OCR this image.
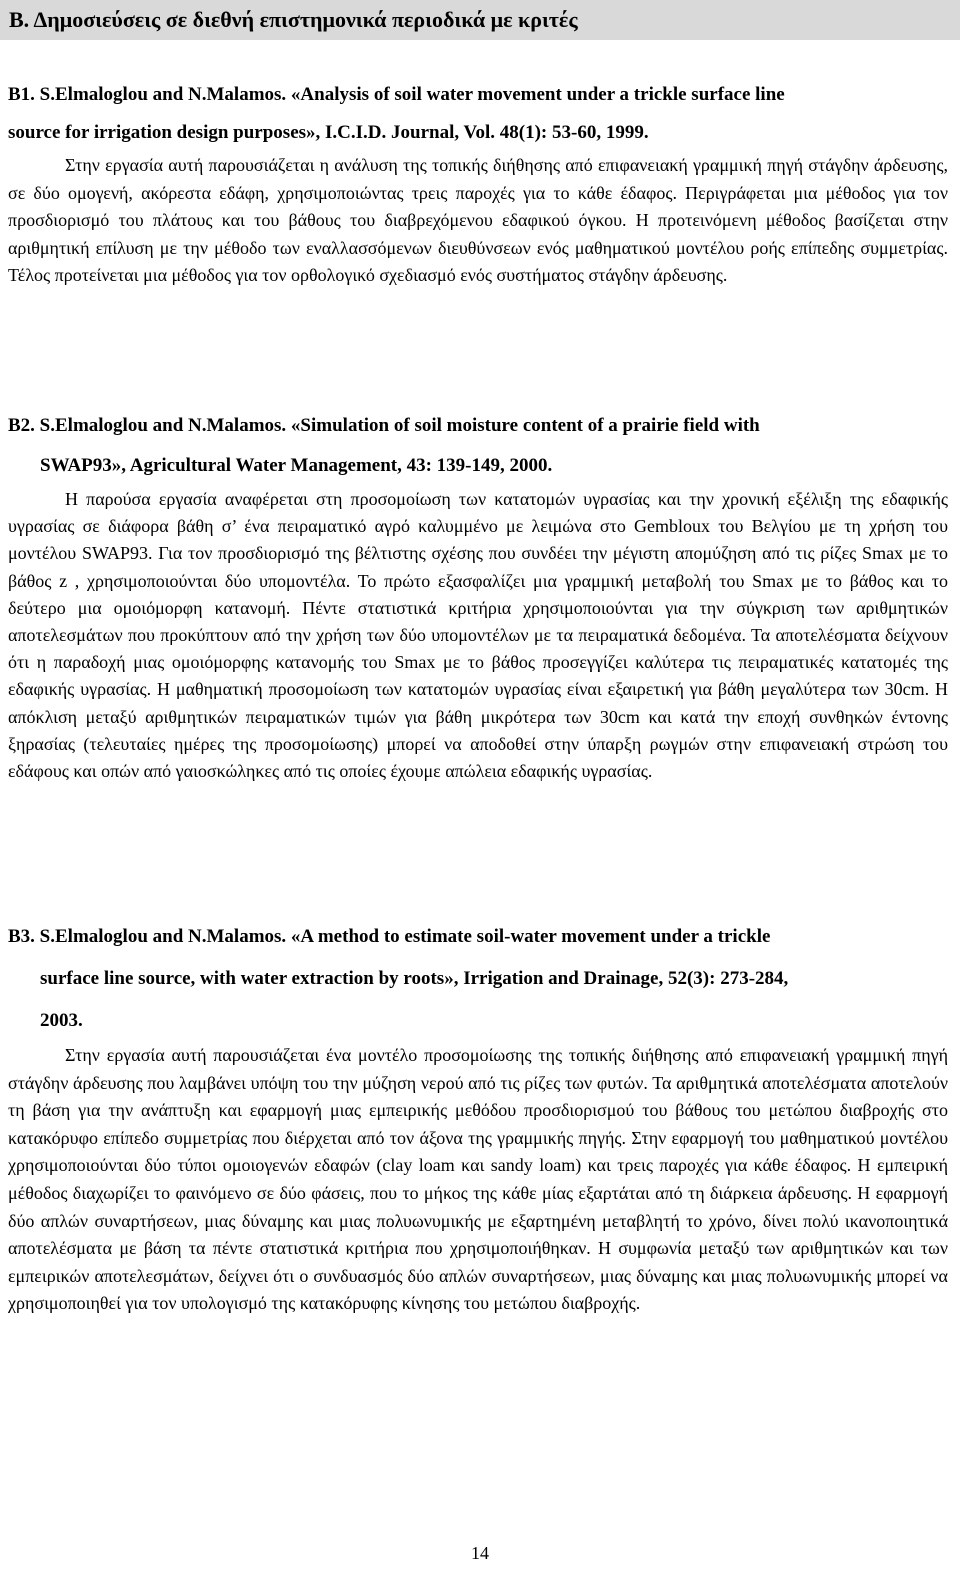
Β. Δημοσιεύσεις σε διεθνή επιστημονικά περιοδικά με κριτές

B1. S.Elmaloglou and N.Malamos. «Analysis of soil water movement under a trickle surface line
source for irrigation design purposes», I.C.I.D. Journal, Vol. 48(1): 53-60, 1999.

Στην εργασία αυτή παρουσιάζεται η ανάλυση της τοπικής διήθησης από επιφανειακή γραμμική πηγή στάγδην άρδευσης, σε δύο ομογενή, ακόρεστα εδάφη, χρησιμοποιώντας τρεις παροχές για το κάθε έδαφος. Περιγράφεται μια μέθοδος για τον προσδιορισμό του πλάτους και του βάθους του διαβρεχόμενου εδαφικού όγκου. Η προτεινόμενη μέθοδος βασίζεται στην αριθμητική επίλυση με την μέθοδο των εναλλασσόμενων διευθύνσεων ενός μαθηματικού μοντέλου ροής επίπεδης συμμετρίας. Τέλος προτείνεται μια μέθοδος για τον ορθολογικό σχεδιασμό ενός συστήματος στάγδην άρδευσης.

B2. S.Elmaloglou and N.Malamos. «Simulation of soil moisture content of a prairie field with
SWAP93», Agricultural Water Management, 43: 139-149, 2000.

Η παρούσα εργασία αναφέρεται στη προσομοίωση των κατατομών υγρασίας και την χρονική εξέλιξη της εδαφικής υγρασίας σε διάφορα βάθη σ’ ένα πειραματικό αγρό καλυμμένο με λειμώνα στο Gembloux του Βελγίου με τη χρήση του μοντέλου SWAP93. Για τον προσδιορισμό της βέλτιστης σχέσης που συνδέει την μέγιστη απομύζηση από τις ρίζες Smax με το βάθος z , χρησιμοποιούνται δύο υπομοντέλα. Το πρώτο εξασφαλίζει μια γραμμική μεταβολή του Smax με το βάθος και το δεύτερο μια ομοιόμορφη κατανομή. Πέντε στατιστικά κριτήρια χρησιμοποιούνται για την σύγκριση των αριθμητικών αποτελεσμάτων που προκύπτουν από την χρήση των δύο υπομοντέλων με τα πειραματικά δεδομένα. Τα αποτελέσματα δείχνουν ότι η παραδοχή μιας ομοιόμορφης κατανομής του Smax με το βάθος προσεγγίζει καλύτερα τις πειραματικές κατατομές της εδαφικής υγρασίας. Η μαθηματική προσομοίωση των κατατομών υγρασίας είναι εξαιρετική για βάθη μεγαλύτερα των 30cm. Η απόκλιση μεταξύ αριθμητικών πειραματικών τιμών για βάθη μικρότερα των 30cm και κατά την εποχή συνθηκών έντονης ξηρασίας (τελευταίες ημέρες της προσομοίωσης) μπορεί να αποδοθεί στην ύπαρξη ρωγμών στην επιφανειακή στρώση του εδάφους και οπών από γαιοσκώληκες από τις οποίες έχουμε απώλεια εδαφικής υγρασίας.

B3. S.Elmaloglou and N.Malamos. «A method to estimate soil-water movement under a trickle
surface line source, with water extraction by roots», Irrigation and Drainage, 52(3): 273-284,
2003.

Στην εργασία αυτή παρουσιάζεται ένα μοντέλο προσομοίωσης της τοπικής διήθησης από επιφανειακή γραμμική πηγή στάγδην άρδευσης που λαμβάνει υπόψη του την μύζηση νερού από τις ρίζες των φυτών. Τα αριθμητικά αποτελέσματα αποτελούν τη βάση για την ανάπτυξη και εφαρμογή μιας εμπειρικής μεθόδου προσδιορισμού του βάθους του μετώπου διαβροχής στο κατακόρυφο επίπεδο συμμετρίας που διέρχεται από τον άξονα της γραμμικής πηγής. Στην εφαρμογή του μαθηματικού μοντέλου χρησιμοποιούνται δύο τύποι ομοιογενών εδαφών (clay loam και sandy loam) και τρεις παροχές για κάθε έδαφος. Η εμπειρική μέθοδος διαχωρίζει το φαινόμενο σε δύο φάσεις, που το μήκος της κάθε μίας εξαρτάται από τη διάρκεια άρδευσης. Η εφαρμογή δύο απλών συναρτήσεων, μιας δύναμης και μιας πολυωνυμικής με εξαρτημένη μεταβλητή το χρόνο, δίνει πολύ ικανοποιητικά αποτελέσματα με βάση τα πέντε στατιστικά κριτήρια που χρησιμοποιήθηκαν. Η συμφωνία μεταξύ των αριθμητικών και των εμπειρικών αποτελεσμάτων, δείχνει ότι ο συνδυασμός δύο απλών συναρτήσεων, μιας δύναμης και μιας πολυωνυμικής μπορεί να χρησιμοποιηθεί για τον υπολογισμό της κατακόρυφης κίνησης του μετώπου διαβροχής.

14
